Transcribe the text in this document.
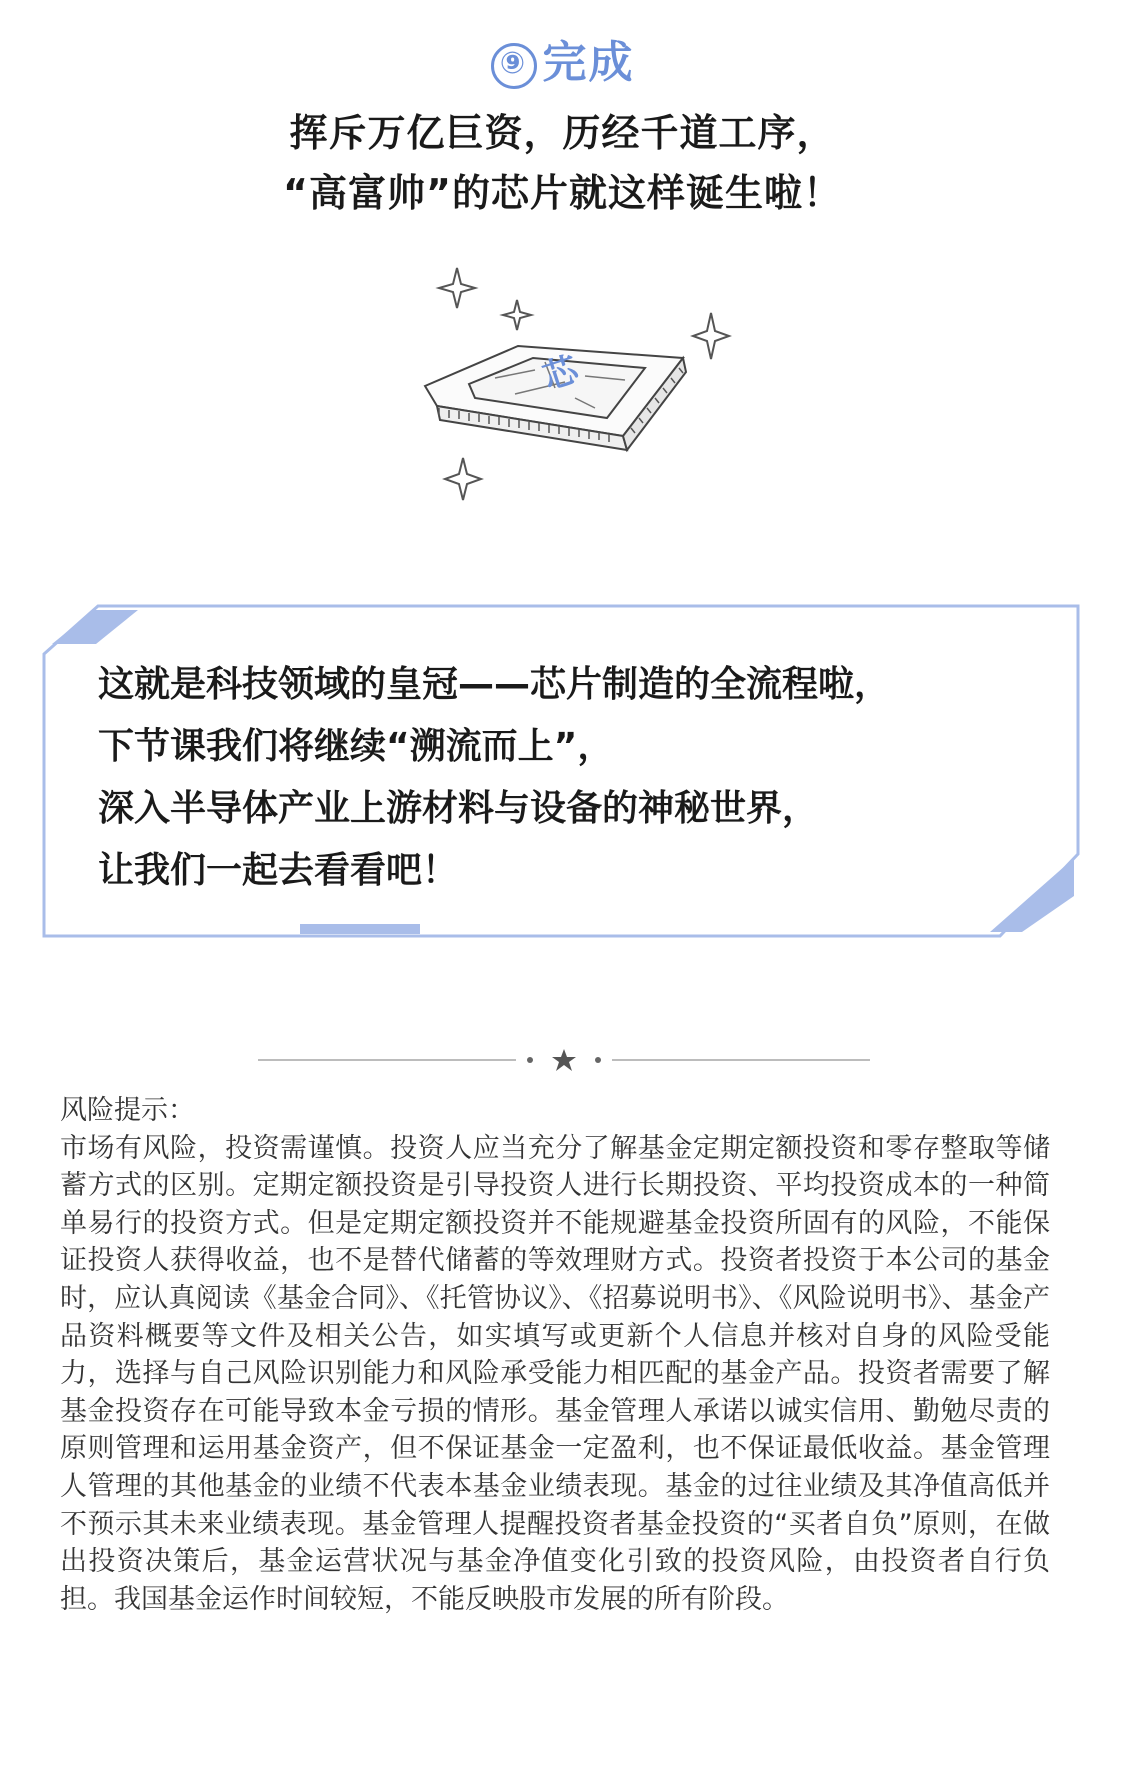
⑨ 完成
挥斥万亿巨资，历经千道工序，
“高富帅”的芯片就这样诞生啦！
芯
这就是科技领域的皇冠——芯片制造的全流程啦，
下节课我们将继续“溯流而上”，
深入半导体产业上游材料与设备的神秘世界，
让我们一起去看看吧！

风险提示：

市场有风险，投资需谨慎。投资人应当充分了解基金定期定额投资和零存整取等储蓄方式的区别。定期定额投资是引导投资人进行长期投资、平均投资成本的一种简单易行的投资方式。但是定期定额投资并不能规避基金投资所固有的风险，不能保证投资人获得收益，也不是替代储蓄的等效理财方式。投资者投资于本公司的基金时，应认真阅读《基金合同》、《托管协议》、《招募说明书》、《风险说明书》、基金产品资料概要等文件及相关公告，如实填写或更新个人信息并核对自身的风险受能力，选择与自己风险识别能力和风险承受能力相匹配的基金产品。投资者需要了解基金投资存在可能导致本金亏损的情形。基金管理人承诺以诚实信用、勤勉尽责的原则管理和运用基金资产，但不保证基金一定盈利，也不保证最低收益。基金管理人管理的其他基金的业绩不代表本基金业绩表现。基金的过往业绩及其净值高低并不预示其未来业绩表现。基金管理人提醒投资者基金投资的“买者自负”原则，在做出投资决策后，基金运营状况与基金净值变化引致的投资风险，由投资者自行负担。我国基金运作时间较短，不能反映股市发展的所有阶段。
